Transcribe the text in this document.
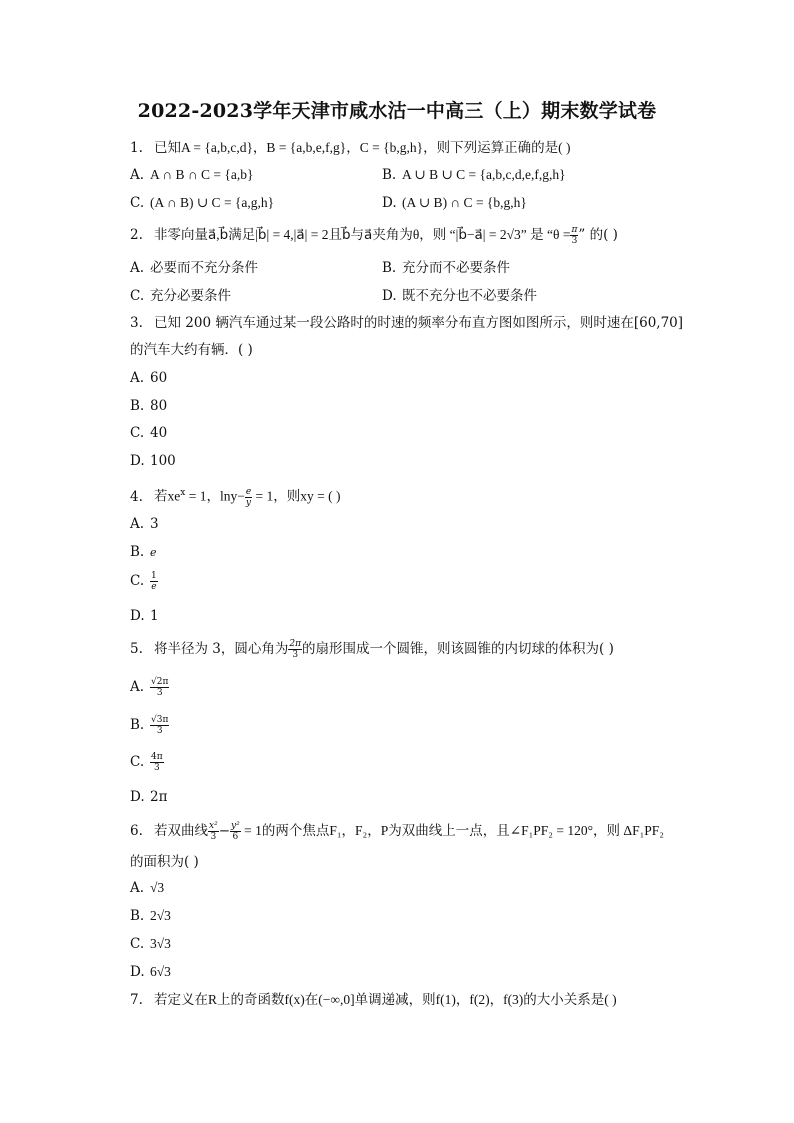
2022-2023学年天津市咸水沽一中高三（上）期末数学试卷
1. 已知A = {a,b,c,d}，B = {a,b,e,f,g}，C = {b,g,h}，则下列运算正确的是( )
A. A ∩ B ∩ C = {a,b}	B. A ∪ B ∪ C = {a,b,c,d,e,f,g,h}
C. (A ∩ B) ∪ C = {a,g,h}	D. (A ∪ B) ∩ C = {b,g,h}
2. 非零向量a⃗,b⃗满足|b⃗| = 4,|a⃗| = 2且b⃗与a⃗夹角为θ，则 “|b⃗−a⃗| = 2√3” 是 “$\theta = \frac{\pi}{3}$ ” 的( )
A. 必要而不充分条件	B. 充分而不必要条件
C. 充分必要条件	D. 既不充分也不必要条件
3. 已知 200 辆汽车通过某一段公路时的时速的频率分布直方图如图所示，则时速在[60,70]
的汽车大约有辆．( )
A. 60
B. 80
C. 40
D. 100
4. 若$xe^x = 1$，$\ln y- \frac{e}{y} = 1$，则xy = ( )
A. 3
B. e
C. $\frac{1}{e}$
D. 1
5. 将半径为 3，圆心角为 $\frac{2\pi}{3}$ 的扇形围成一个圆锥，则该圆锥的内切球的体积为( )
A. $\frac{√2\pi}{3}$
B. $\frac{√3\pi}{3}$
C. $\frac{4\pi}{3}$
D. 2π
6. 若双曲线 $\frac{\text{x²}}{3} - \frac{\text{y²}}{6} = 1$的两个焦点F₁，F₂，P为双曲线上一点，且∠F₁PF₂ = 120°，则 ΔF₁PF₂
的面积为( )
A. √3
B. 2√3
C. 3√3
D. 6√3
7. 若定义在R上的奇函数f(x)在(−∞,0]单调递减，则f(1)，f(2)，f(3)的大小关系是( )
